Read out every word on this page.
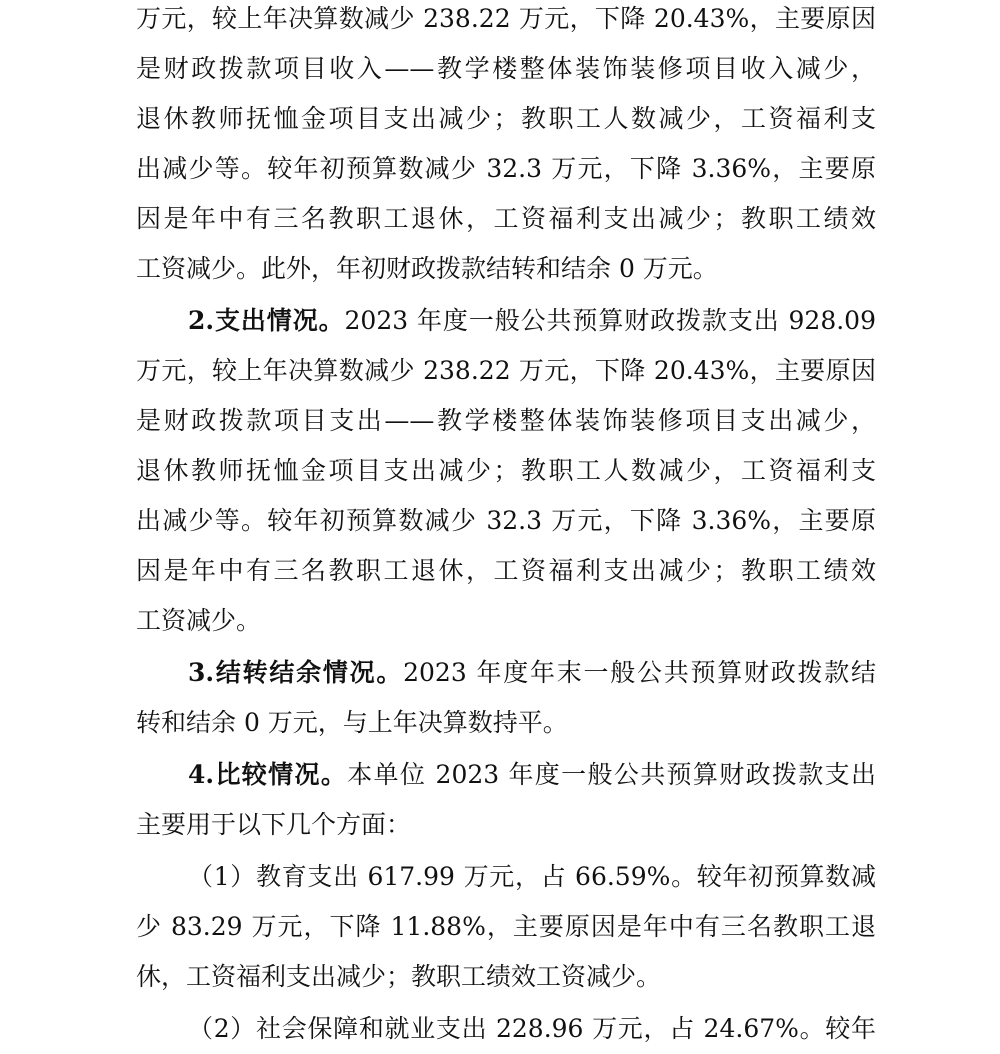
万元，较上年决算数减少 238.22 万元，下降 20.43%，主要原因
是财政拨款项目收入——教学楼整体装饰装修项目收入减少，
退休教师抚恤金项目支出减少；教职工人数减少，工资福利支
出减少等。较年初预算数减少 32.3 万元，下降 3.36%，主要原
因是年中有三名教职工退休，工资福利支出减少；教职工绩效
工资减少。此外，年初财政拨款结转和结余 0 万元。
2.支出情况。2023 年度一般公共预算财政拨款支出 928.09
万元，较上年决算数减少 238.22 万元，下降 20.43%，主要原因
是财政拨款项目支出——教学楼整体装饰装修项目支出减少，
退休教师抚恤金项目支出减少；教职工人数减少，工资福利支
出减少等。较年初预算数减少 32.3 万元，下降 3.36%，主要原
因是年中有三名教职工退休，工资福利支出减少；教职工绩效
工资减少。
3.结转结余情况。2023 年度年末一般公共预算财政拨款结
转和结余 0 万元，与上年决算数持平。
4.比较情况。本单位 2023 年度一般公共预算财政拨款支出
主要用于以下几个方面：
（1）教育支出 617.99 万元，占 66.59%。较年初预算数减
少 83.29 万元，下降 11.88%，主要原因是年中有三名教职工退
休，工资福利支出减少；教职工绩效工资减少。
（2）社会保障和就业支出 228.96 万元，占 24.67%。较年
